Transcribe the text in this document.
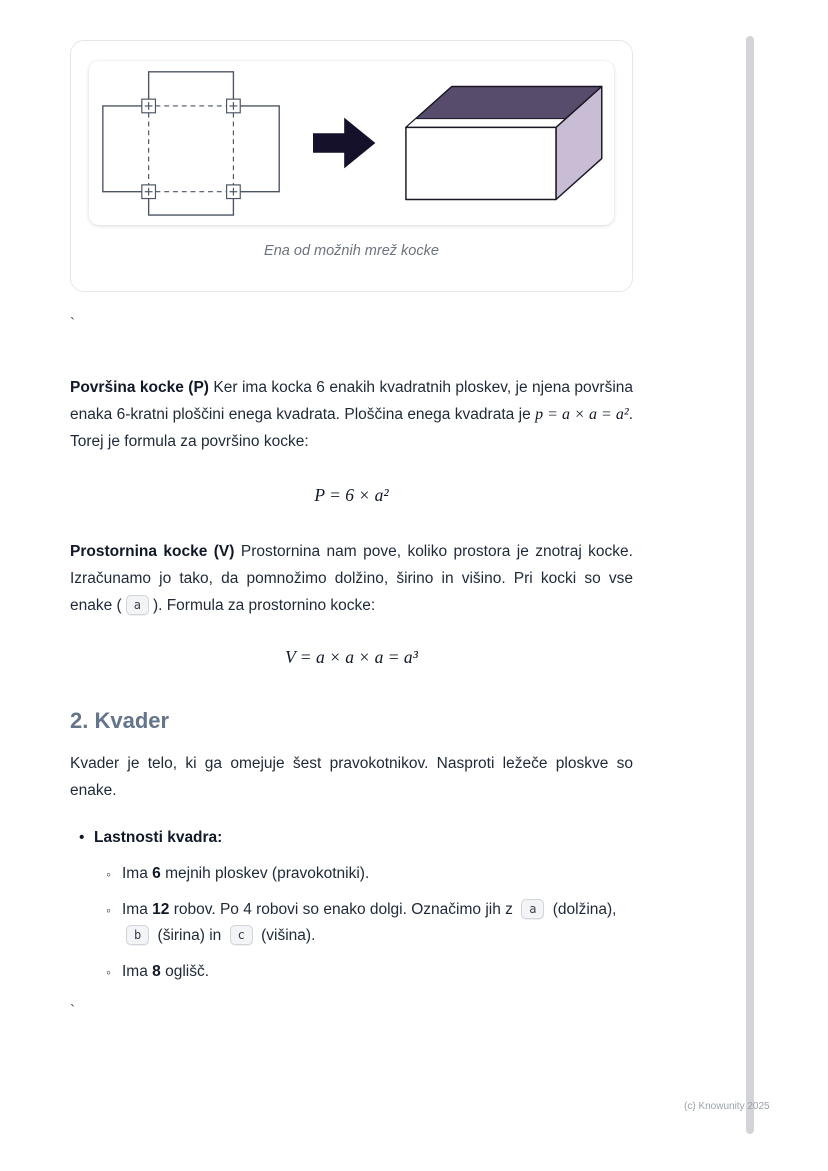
Ena od možnih mrež kocke
`

Površina kocke (P) Ker ima kocka 6 enakih kvadratnih ploskev, je njena površina enaka 6-kratni ploščini enega kvadrata. Ploščina enega kvadrata je p = a × a = a². Torej je formula za površino kocke:

P = 6 × a²

Prostornina kocke (V) Prostornina nam pove, koliko prostora je znotraj kocke. Izračunamo jo tako, da pomnožimo dolžino, širino in višino. Pri kocki so vse enake ( a ). Formula za prostornino kocke:

V = a × a × a = a³

2. Kvader

Kvader je telo, ki ga omejuje šest pravokotnikov. Nasproti ležeče ploskve so enake.

• Lastnosti kvadra:
◦ Ima 6 mejnih ploskev (pravokotniki).
◦ Ima 12 robov. Po 4 robovi so enako dolgi. Označimo jih z a (dolžina), b (širina) in c (višina).
◦ Ima 8 oglišč.
`
(c) Knowunity 2025
